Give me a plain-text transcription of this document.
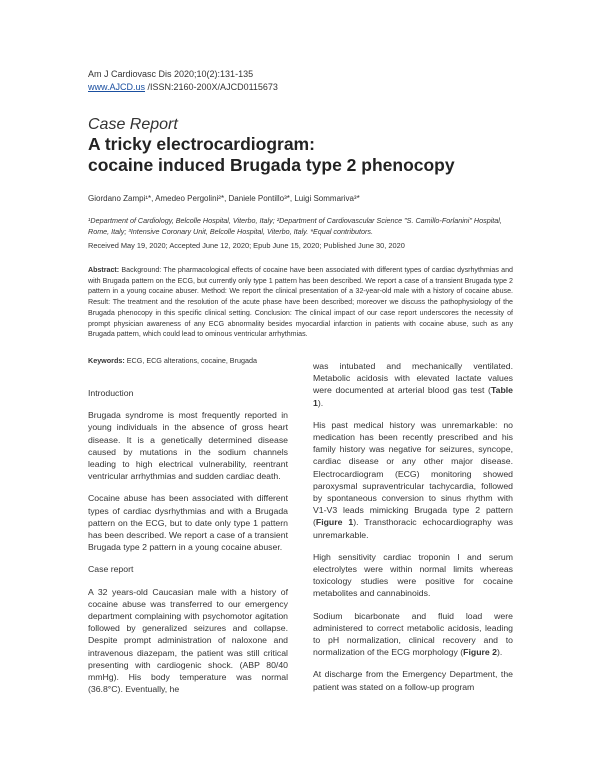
Am J Cardiovasc Dis 2020;10(2):131-135
www.AJCD.us /ISSN:2160-200X/AJCD0115673
Case Report
A tricky electrocardiogram:
cocaine induced Brugada type 2 phenocopy
Giordano Zampi¹*, Amedeo Pergolini²*, Daniele Pontillo³*, Luigi Sommariva³*
¹Department of Cardiology, Belcolle Hospital, Viterbo, Italy; ²Department of Cardiovascular Science "S. Camillo-Forlanini" Hospital, Rome, Italy; ³Intensive Coronary Unit, Belcolle Hospital, Viterbo, Italy. *Equal contributors.
Received May 19, 2020; Accepted June 12, 2020; Epub June 15, 2020; Published June 30, 2020
Abstract: Background: The pharmacological effects of cocaine have been associated with different types of cardiac dysrhythmias and with Brugada pattern on the ECG, but currently only type 1 pattern has been described. We report a case of a transient Brugada type 2 pattern in a young cocaine abuser. Method: We report the clinical presentation of a 32-year-old male with a history of cocaine abuse. Result: The treatment and the resolution of the acute phase have been described; moreover we discuss the pathophysiology of the Brugada phenocopy in this specific clinical setting. Conclusion: The clinical impact of our case report underscores the necessity of prompt physician awareness of any ECG abnormality besides myocardial infarction in patients with cocaine abuse, such as any Brugada pattern, which could lead to ominous ventricular arrhythmias.
Keywords: ECG, ECG alterations, cocaine, Brugada
Introduction

Brugada syndrome is most frequently reported in young individuals in the absence of gross heart disease. It is a genetically determined disease caused by mutations in the sodium channels leading to high electrical vulnerability, reentrant ventricular arrhythmias and sudden cardiac death.

Cocaine abuse has been associated with different types of cardiac dysrhythmias and with a Brugada pattern on the ECG, but to date only type 1 pattern has been described. We report a case of a transient Brugada type 2 pattern in a young cocaine abuser.

Case report

A 32 years-old Caucasian male with a history of cocaine abuse was transferred to our emergency department complaining with psychomotor agitation followed by generalized seizures and collapse. Despite prompt administration of naloxone and intravenous diazepam, the patient was still critical presenting with cardiogenic shock. (ABP 80/40 mmHg). His body temperature was normal (36.8°C). Eventually, he

was intubated and mechanically ventilated. Metabolic acidosis with elevated lactate values were documented at arterial blood gas test (Table 1).

His past medical history was unremarkable: no medication has been recently prescribed and his family history was negative for seizures, syncope, cardiac disease or any other major disease. Electrocardiogram (ECG) monitoring showed paroxysmal supraventricular tachycardia, followed by spontaneous conversion to sinus rhythm with V1-V3 leads mimicking Brugada type 2 pattern (Figure 1). Transthoracic echocardiography was unremarkable.

High sensitivity cardiac troponin I and serum electrolytes were within normal limits whereas toxicology studies were positive for cocaine metabolites and cannabinoids.

Sodium bicarbonate and fluid load were administered to correct metabolic acidosis, leading to pH normalization, clinical recovery and to normalization of the ECG morphology (Figure 2).

At discharge from the Emergency Department, the patient was stated on a follow-up program
